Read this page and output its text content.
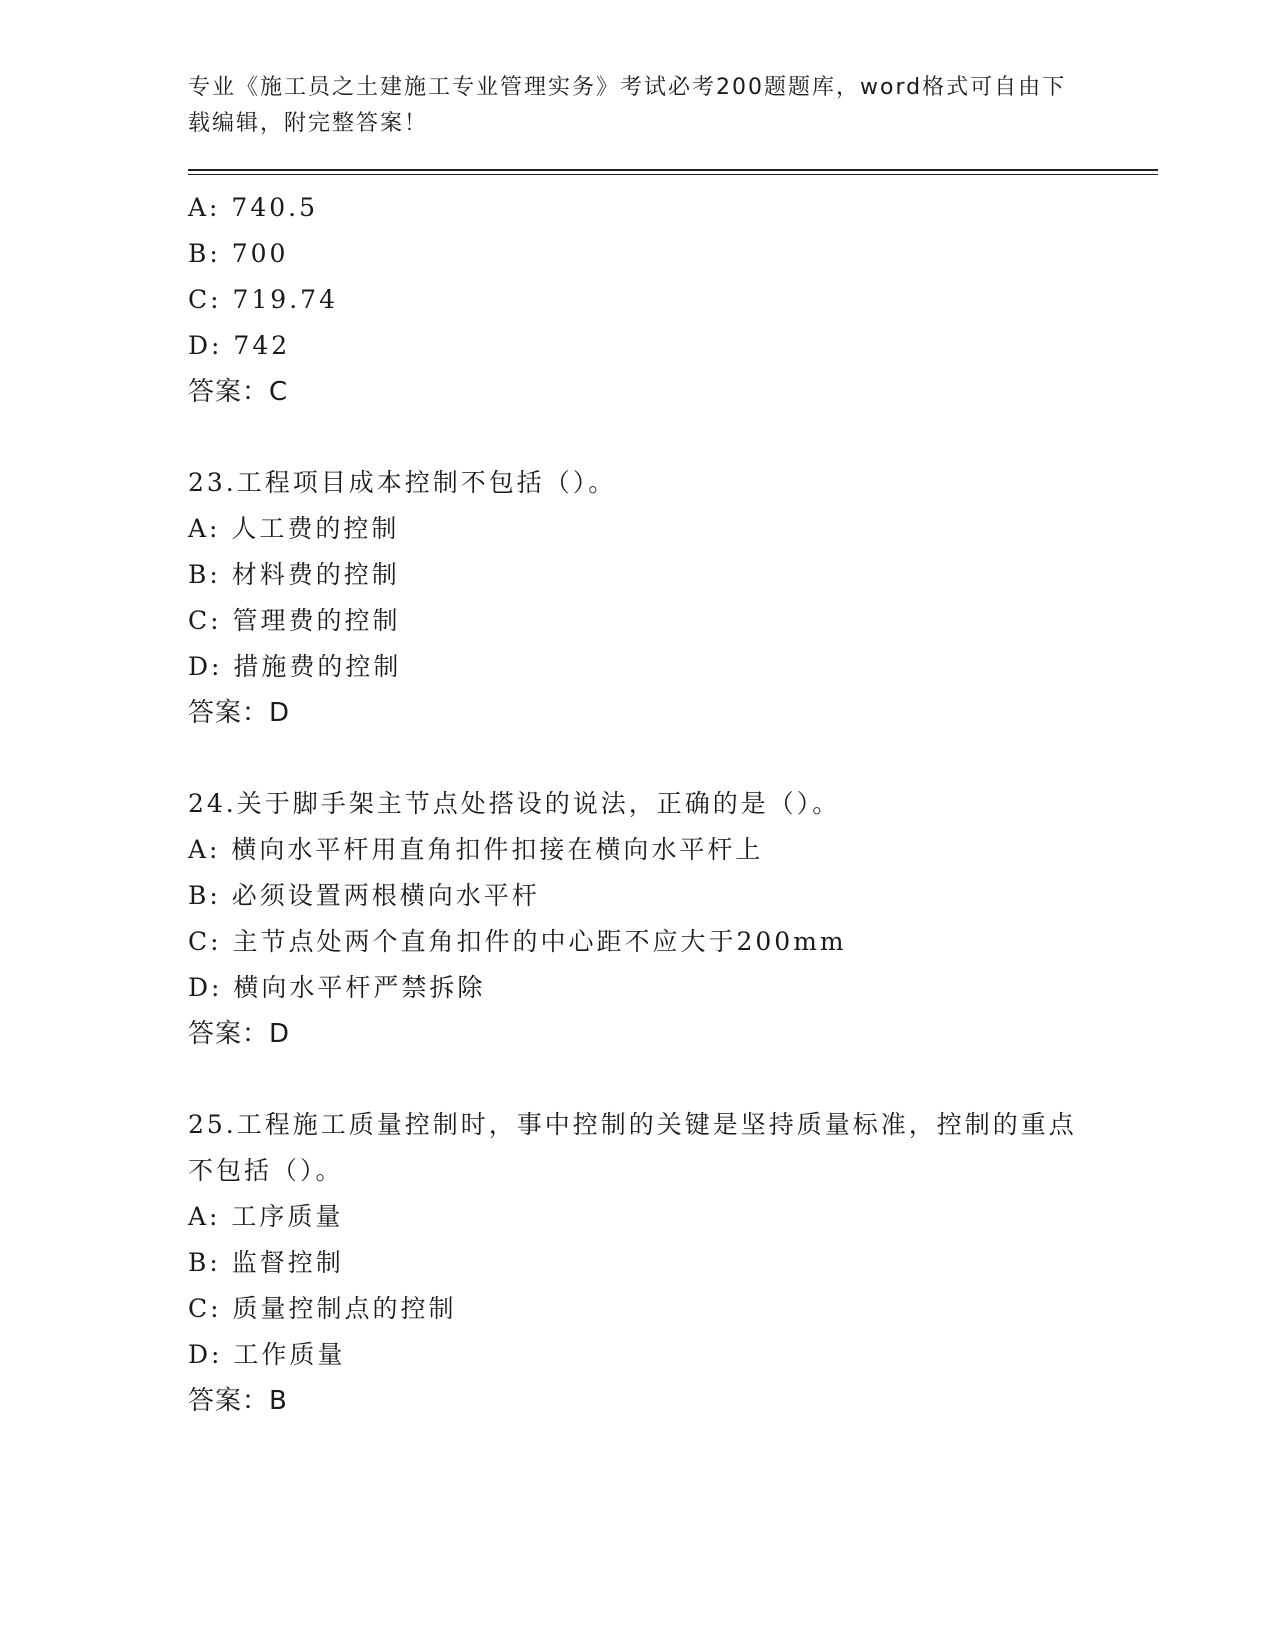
专业《施工员之土建施工专业管理实务》考试必考200题题库，word格式可自由下载编辑，附完整答案！
A: 740.5
B: 700
C: 719.74
D: 742
答案：C
23.工程项目成本控制不包括（）。
A: 人工费的控制
B: 材料费的控制
C: 管理费的控制
D: 措施费的控制
答案：D
24.关于脚手架主节点处搭设的说法，正确的是（）。
A: 横向水平杆用直角扣件扣接在横向水平杆上
B: 必须设置两根横向水平杆
C: 主节点处两个直角扣件的中心距不应大于200mm
D: 横向水平杆严禁拆除
答案：D
25.工程施工质量控制时，事中控制的关键是坚持质量标准，控制的重点不包括（）。
A: 工序质量
B: 监督控制
C: 质量控制点的控制
D: 工作质量
答案：B
